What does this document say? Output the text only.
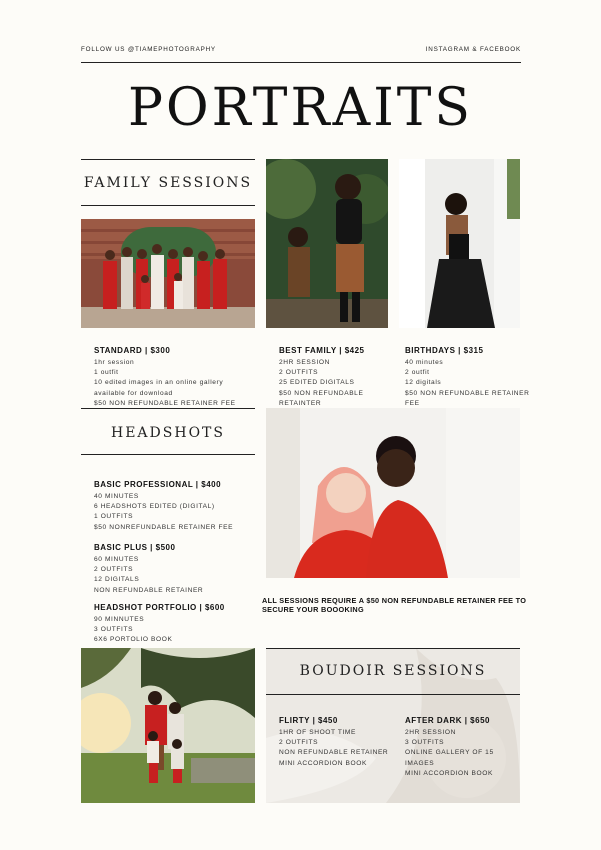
FOLLOW US @TIAMEPHOTOGRAPHY	INSTAGRAM & FACEBOOK
PORTRAITS
FAMILY SESSIONS
STANDARD | $300
1hr session
1 outfit
10 edited images in an online gallery
available for download
$50 NON REFUNDABLE RETAINER FEE
BEST FAMILY | $425
2HR SESSION
2 OUTFITS
25 EDITED DIGITALS
$50 NON REFUNDABLE RETAINTER
BIRTHDAYS | $315
40 minutes
2 outfit
12 digitals
$50 NON REFUNDABLE RETAINER FEE
HEADSHOTS
BASIC PROFESSIONAL | $400
40 MINUTES
6 HEADSHOTS EDITED (DIGITAL)
1 OUTFITS
$50 NONREFUNDABLE RETAINER FEE
BASIC PLUS | $500
60 MINUTES
2 OUTFITS
12 DIGITALS
NON REFUNDABLE RETAINER
HEADSHOT PORTFOLIO | $600
90 MINNUTES
3 OUTFITS
6X6 PORTOLIO BOOK
ALL SESSIONS REQUIRE A $50 NON REFUNDABLE RETAINER FEE TO SECURE YOUR BOOOKING
BOUDOIR SESSIONS
FLIRTY | $450
1HR OF SHOOT TIME
2 OUTFITS
NON REFUNDABLE RETAINER
MINI ACCORDION BOOK
AFTER DARK | $650
2HR SESSION
3 OUTFITS
ONLINE GALLERY OF 15 IMAGES
MINI ACCORDION BOOK
